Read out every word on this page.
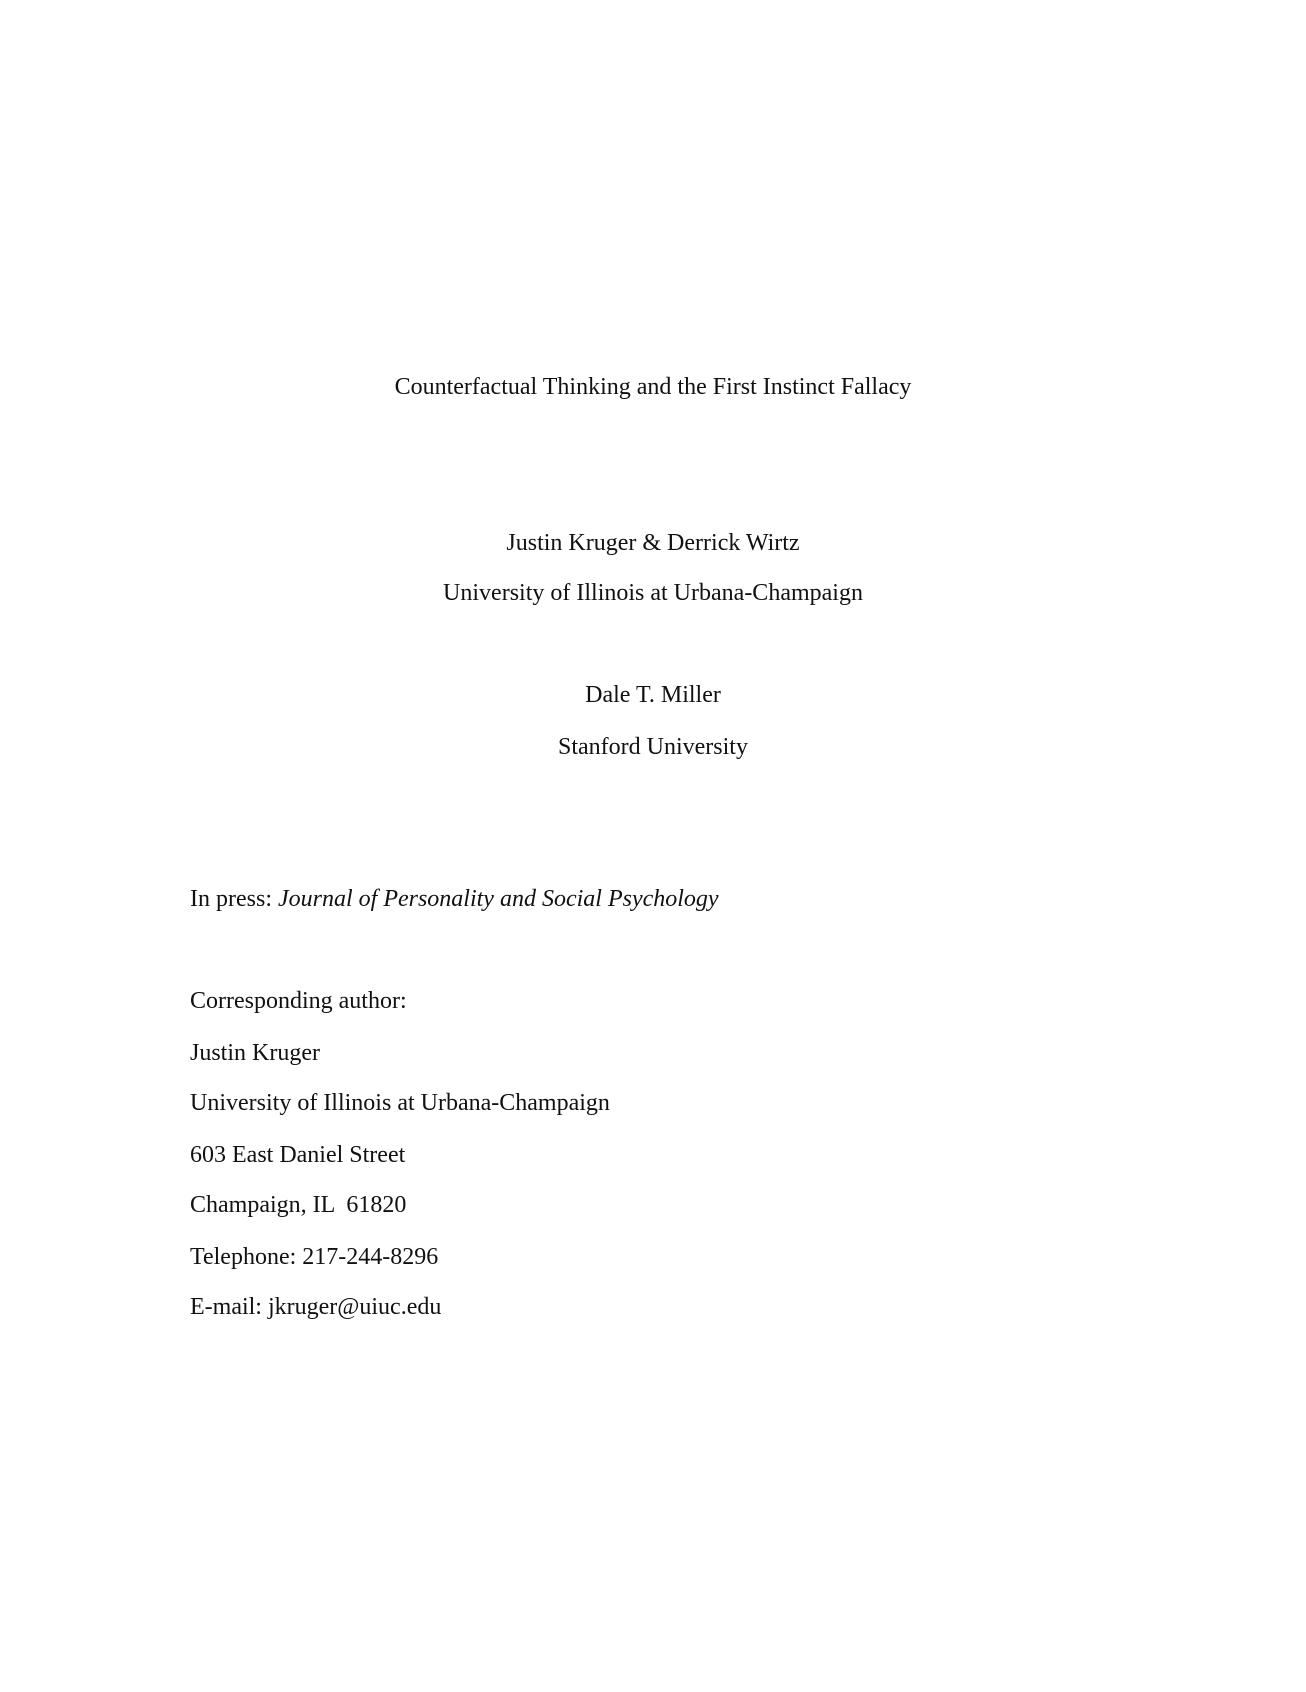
Counterfactual Thinking and the First Instinct Fallacy

Justin Kruger & Derrick Wirtz

University of Illinois at Urbana-Champaign

Dale T. Miller

Stanford University

In press: Journal of Personality and Social Psychology

Corresponding author:

Justin Kruger

University of Illinois at Urbana-Champaign

603 East Daniel Street

Champaign, IL  61820

Telephone: 217-244-8296

E-mail: jkruger@uiuc.edu
